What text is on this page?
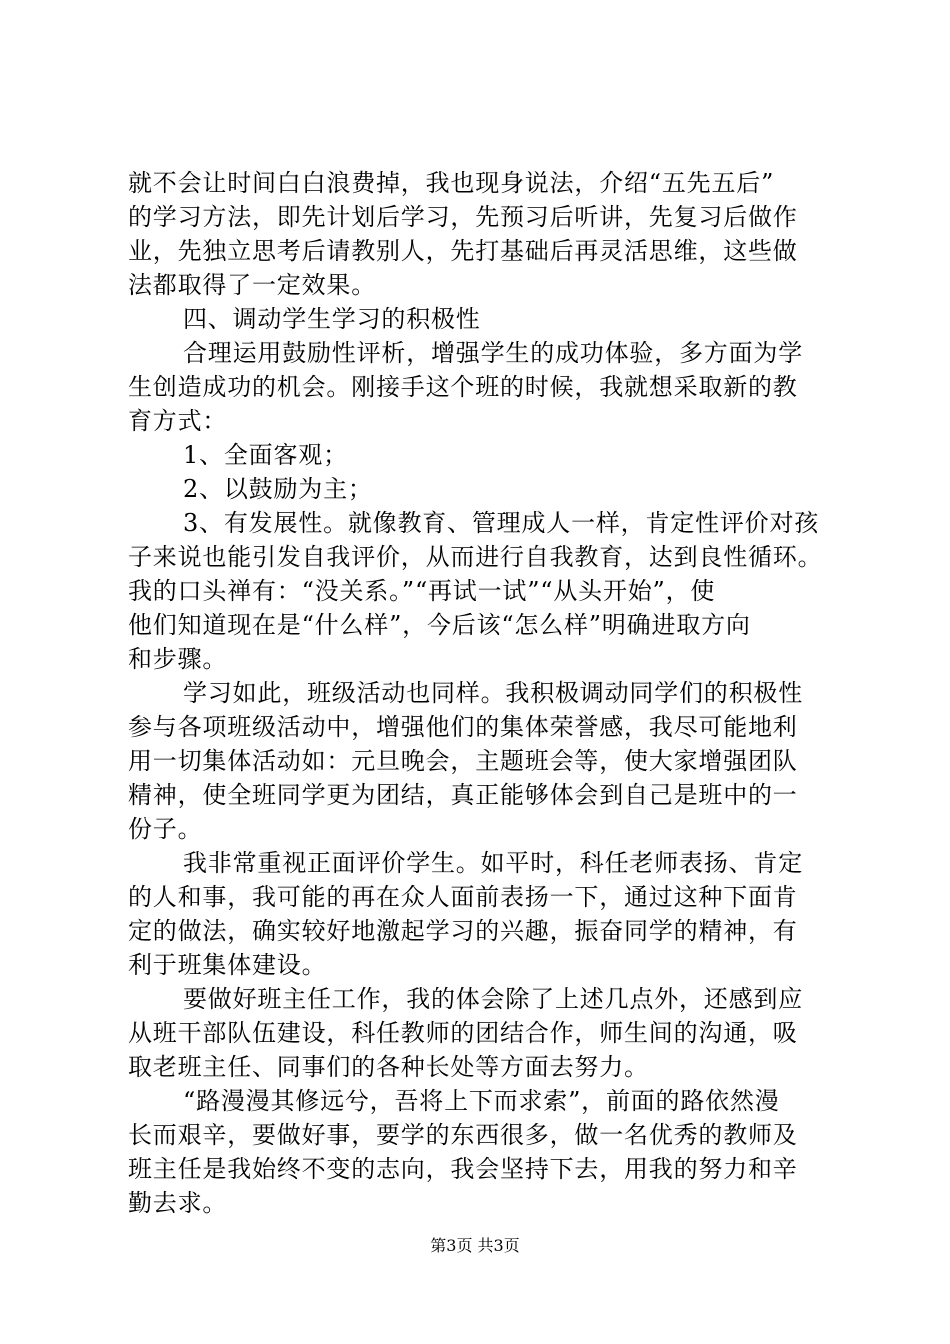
就不会让时间白白浪费掉，我也现身说法，介绍“五先五后”
的学习方法，即先计划后学习，先预习后听讲，先复习后做作
业，先独立思考后请教别人，先打基础后再灵活思维，这些做
法都取得了一定效果。
四、调动学生学习的积极性
合理运用鼓励性评析，增强学生的成功体验，多方面为学
生创造成功的机会。刚接手这个班的时候，我就想采取新的教
育方式：
1、全面客观；
2、以鼓励为主；
3、有发展性。就像教育、管理成人一样，肯定性评价对孩
子来说也能引发自我评价，从而进行自我教育，达到良性循环。
我的口头禅有：“没关系。”“再试一试”“从头开始”，使
他们知道现在是“什么样”，今后该“怎么样”明确进取方向
和步骤。
学习如此，班级活动也同样。我积极调动同学们的积极性
参与各项班级活动中，增强他们的集体荣誉感，我尽可能地利
用一切集体活动如：元旦晚会，主题班会等，使大家增强团队
精神，使全班同学更为团结，真正能够体会到自己是班中的一
份子。
我非常重视正面评价学生。如平时，科任老师表扬、肯定
的人和事，我可能的再在众人面前表扬一下，通过这种下面肯
定的做法，确实较好地激起学习的兴趣，振奋同学的精神，有
利于班集体建设。
要做好班主任工作，我的体会除了上述几点外，还感到应
从班干部队伍建设，科任教师的团结合作，师生间的沟通，吸
取老班主任、同事们的各种长处等方面去努力。
“路漫漫其修远兮，吾将上下而求索”，前面的路依然漫
长而艰辛，要做好事，要学的东西很多，做一名优秀的教师及
班主任是我始终不变的志向，我会坚持下去，用我的努力和辛
勤去求。
第3页 共3页
